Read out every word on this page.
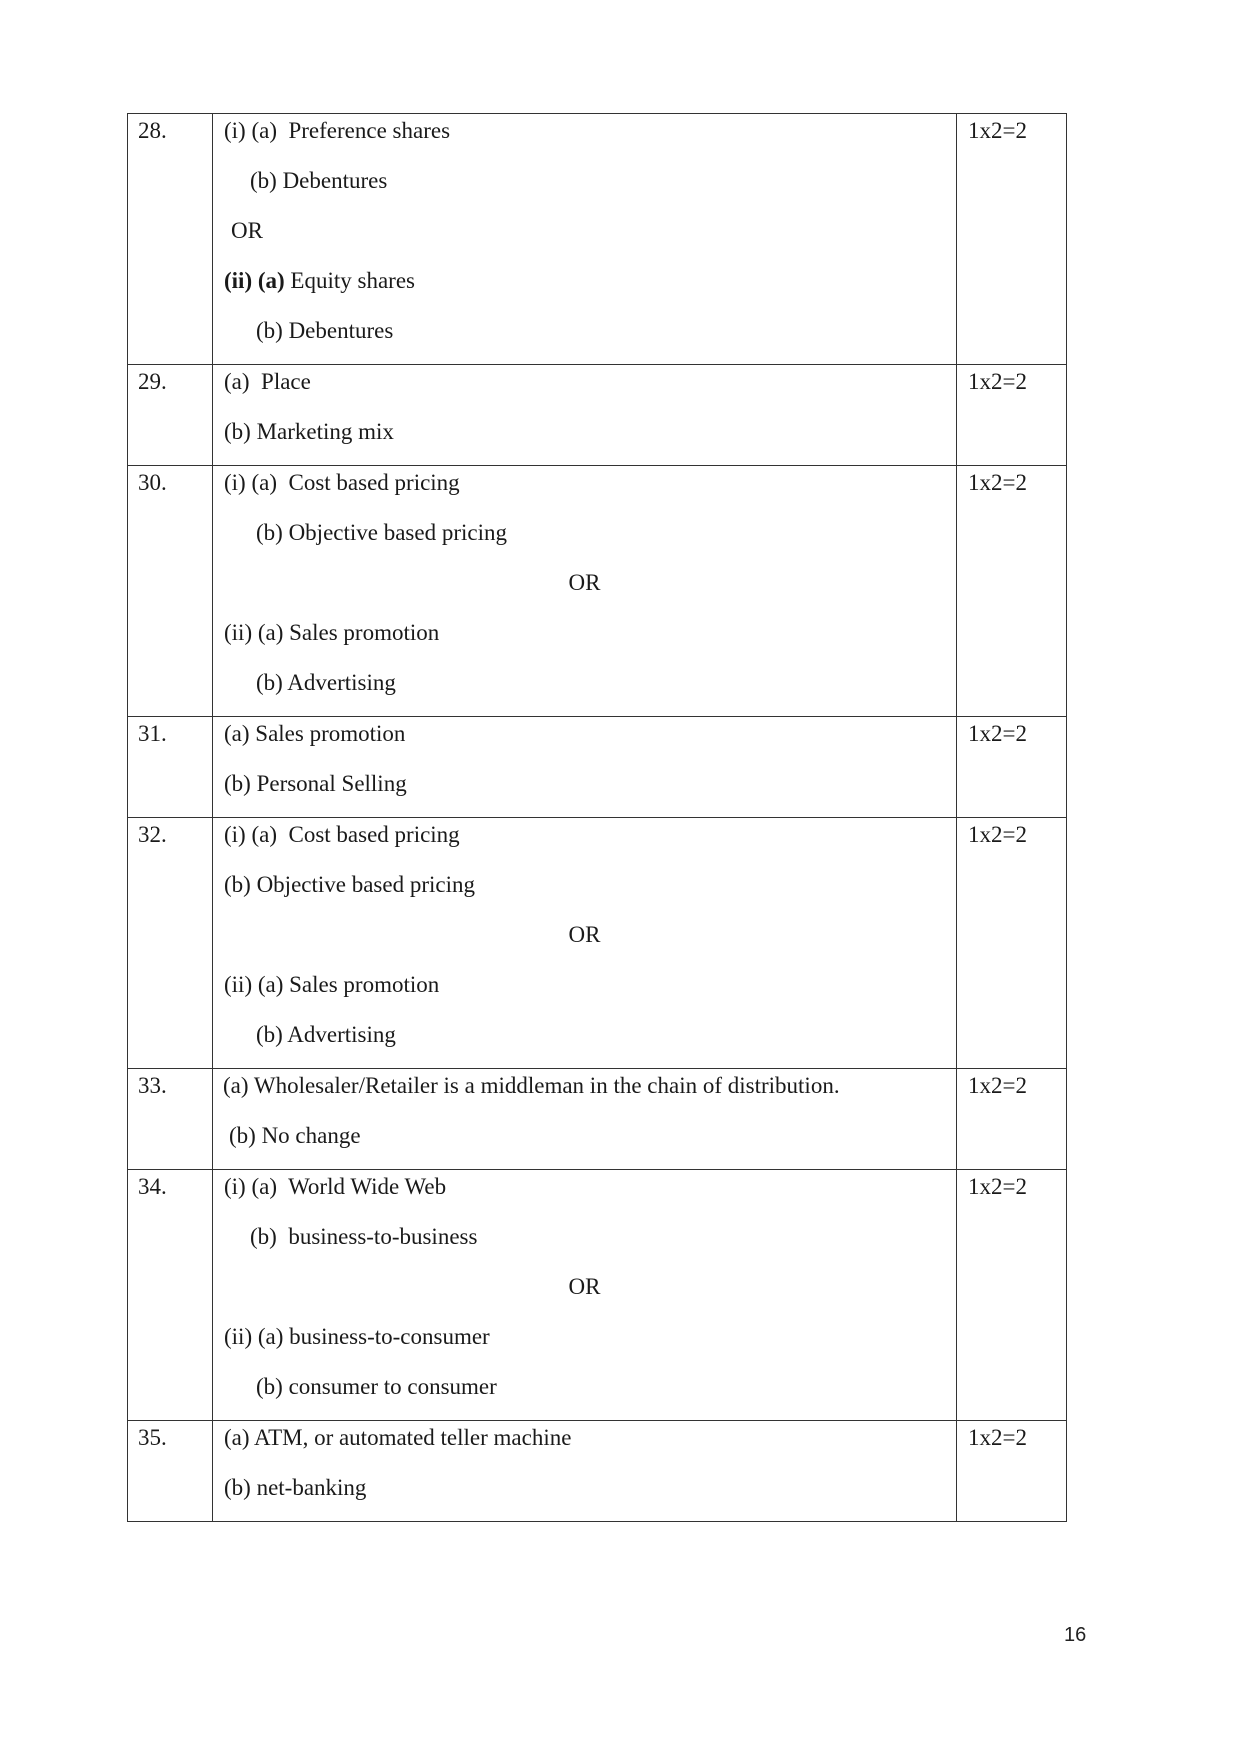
28.	(i) (a)  Preference shares
(b) Debentures
OR
(ii) (a) Equity shares
(b) Debentures	1x2=2

29.	(a)  Place
(b) Marketing mix	1x2=2

30.	(i) (a)  Cost based pricing
(b) Objective based pricing
OR
(ii) (a) Sales promotion
(b) Advertising	1x2=2

31.	(a) Sales promotion
(b) Personal Selling	1x2=2

32.	(i) (a)  Cost based pricing
(b) Objective based pricing
OR
(ii) (a) Sales promotion
(b) Advertising	1x2=2

33.	(a) Wholesaler/Retailer is a middleman in the chain of distribution.
(b) No change	1x2=2

34.	(i) (a)  World Wide Web
(b)  business-to-business
OR
(ii) (a) business-to-consumer
(b) consumer to consumer	1x2=2

35.	(a) ATM, or automated teller machine
(b) net-banking	1x2=2
16
